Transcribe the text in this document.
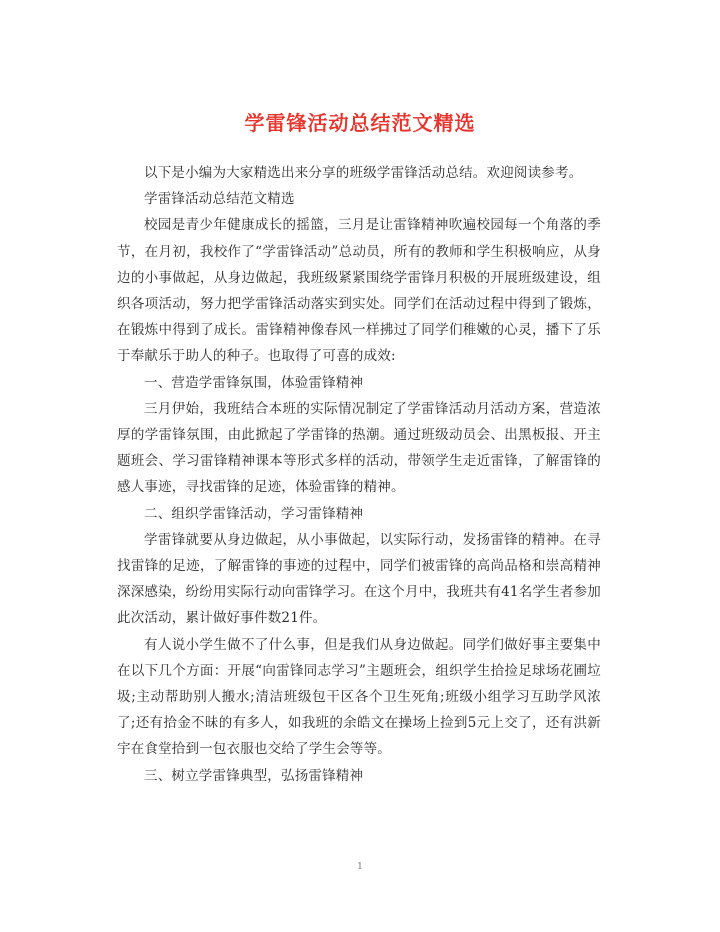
学雷锋活动总结范文精选

以下是小编为大家精选出来分享的班级学雷锋活动总结。欢迎阅读参考。

学雷锋活动总结范文精选

校园是青少年健康成长的摇篮，三月是让雷锋精神吹遍校园每一个角落的季节，在月初，我校作了“学雷锋活动”总动员，所有的教师和学生积极响应，从身边的小事做起，从身边做起，我班级紧紧围绕学雷锋月积极的开展班级建设，组织各项活动，努力把学雷锋活动落实到实处。同学们在活动过程中得到了锻炼，在锻炼中得到了成长。雷锋精神像春风一样拂过了同学们稚嫩的心灵，播下了乐于奉献乐于助人的种子。也取得了可喜的成效:

一、营造学雷锋氛围，体验雷锋精神

三月伊始，我班结合本班的实际情况制定了学雷锋活动月活动方案，营造浓厚的学雷锋氛围，由此掀起了学雷锋的热潮。通过班级动员会、出黑板报、开主题班会、学习雷锋精神课本等形式多样的活动，带领学生走近雷锋，了解雷锋的感人事迹，寻找雷锋的足迹，体验雷锋的精神。

二、组织学雷锋活动，学习雷锋精神

学雷锋就要从身边做起，从小事做起，以实际行动，发扬雷锋的精神。在寻找雷锋的足迹，了解雷锋的事迹的过程中，同学们被雷锋的高尚品格和崇高精神深深感染，纷纷用实际行动向雷锋学习。在这个月中，我班共有41名学生者参加此次活动，累计做好事件数21件。

有人说小学生做不了什么事，但是我们从身边做起。同学们做好事主要集中在以下几个方面：开展“向雷锋同志学习”主题班会，组织学生拾捡足球场花圃垃圾;主动帮助别人搬水;清洁班级包干区各个卫生死角;班级小组学习互助学风浓了;还有拾金不昧的有多人，如我班的余皓文在操场上捡到5元上交了，还有洪新宇在食堂拾到一包衣服也交给了学生会等等。

三、树立学雷锋典型，弘扬雷锋精神

1
